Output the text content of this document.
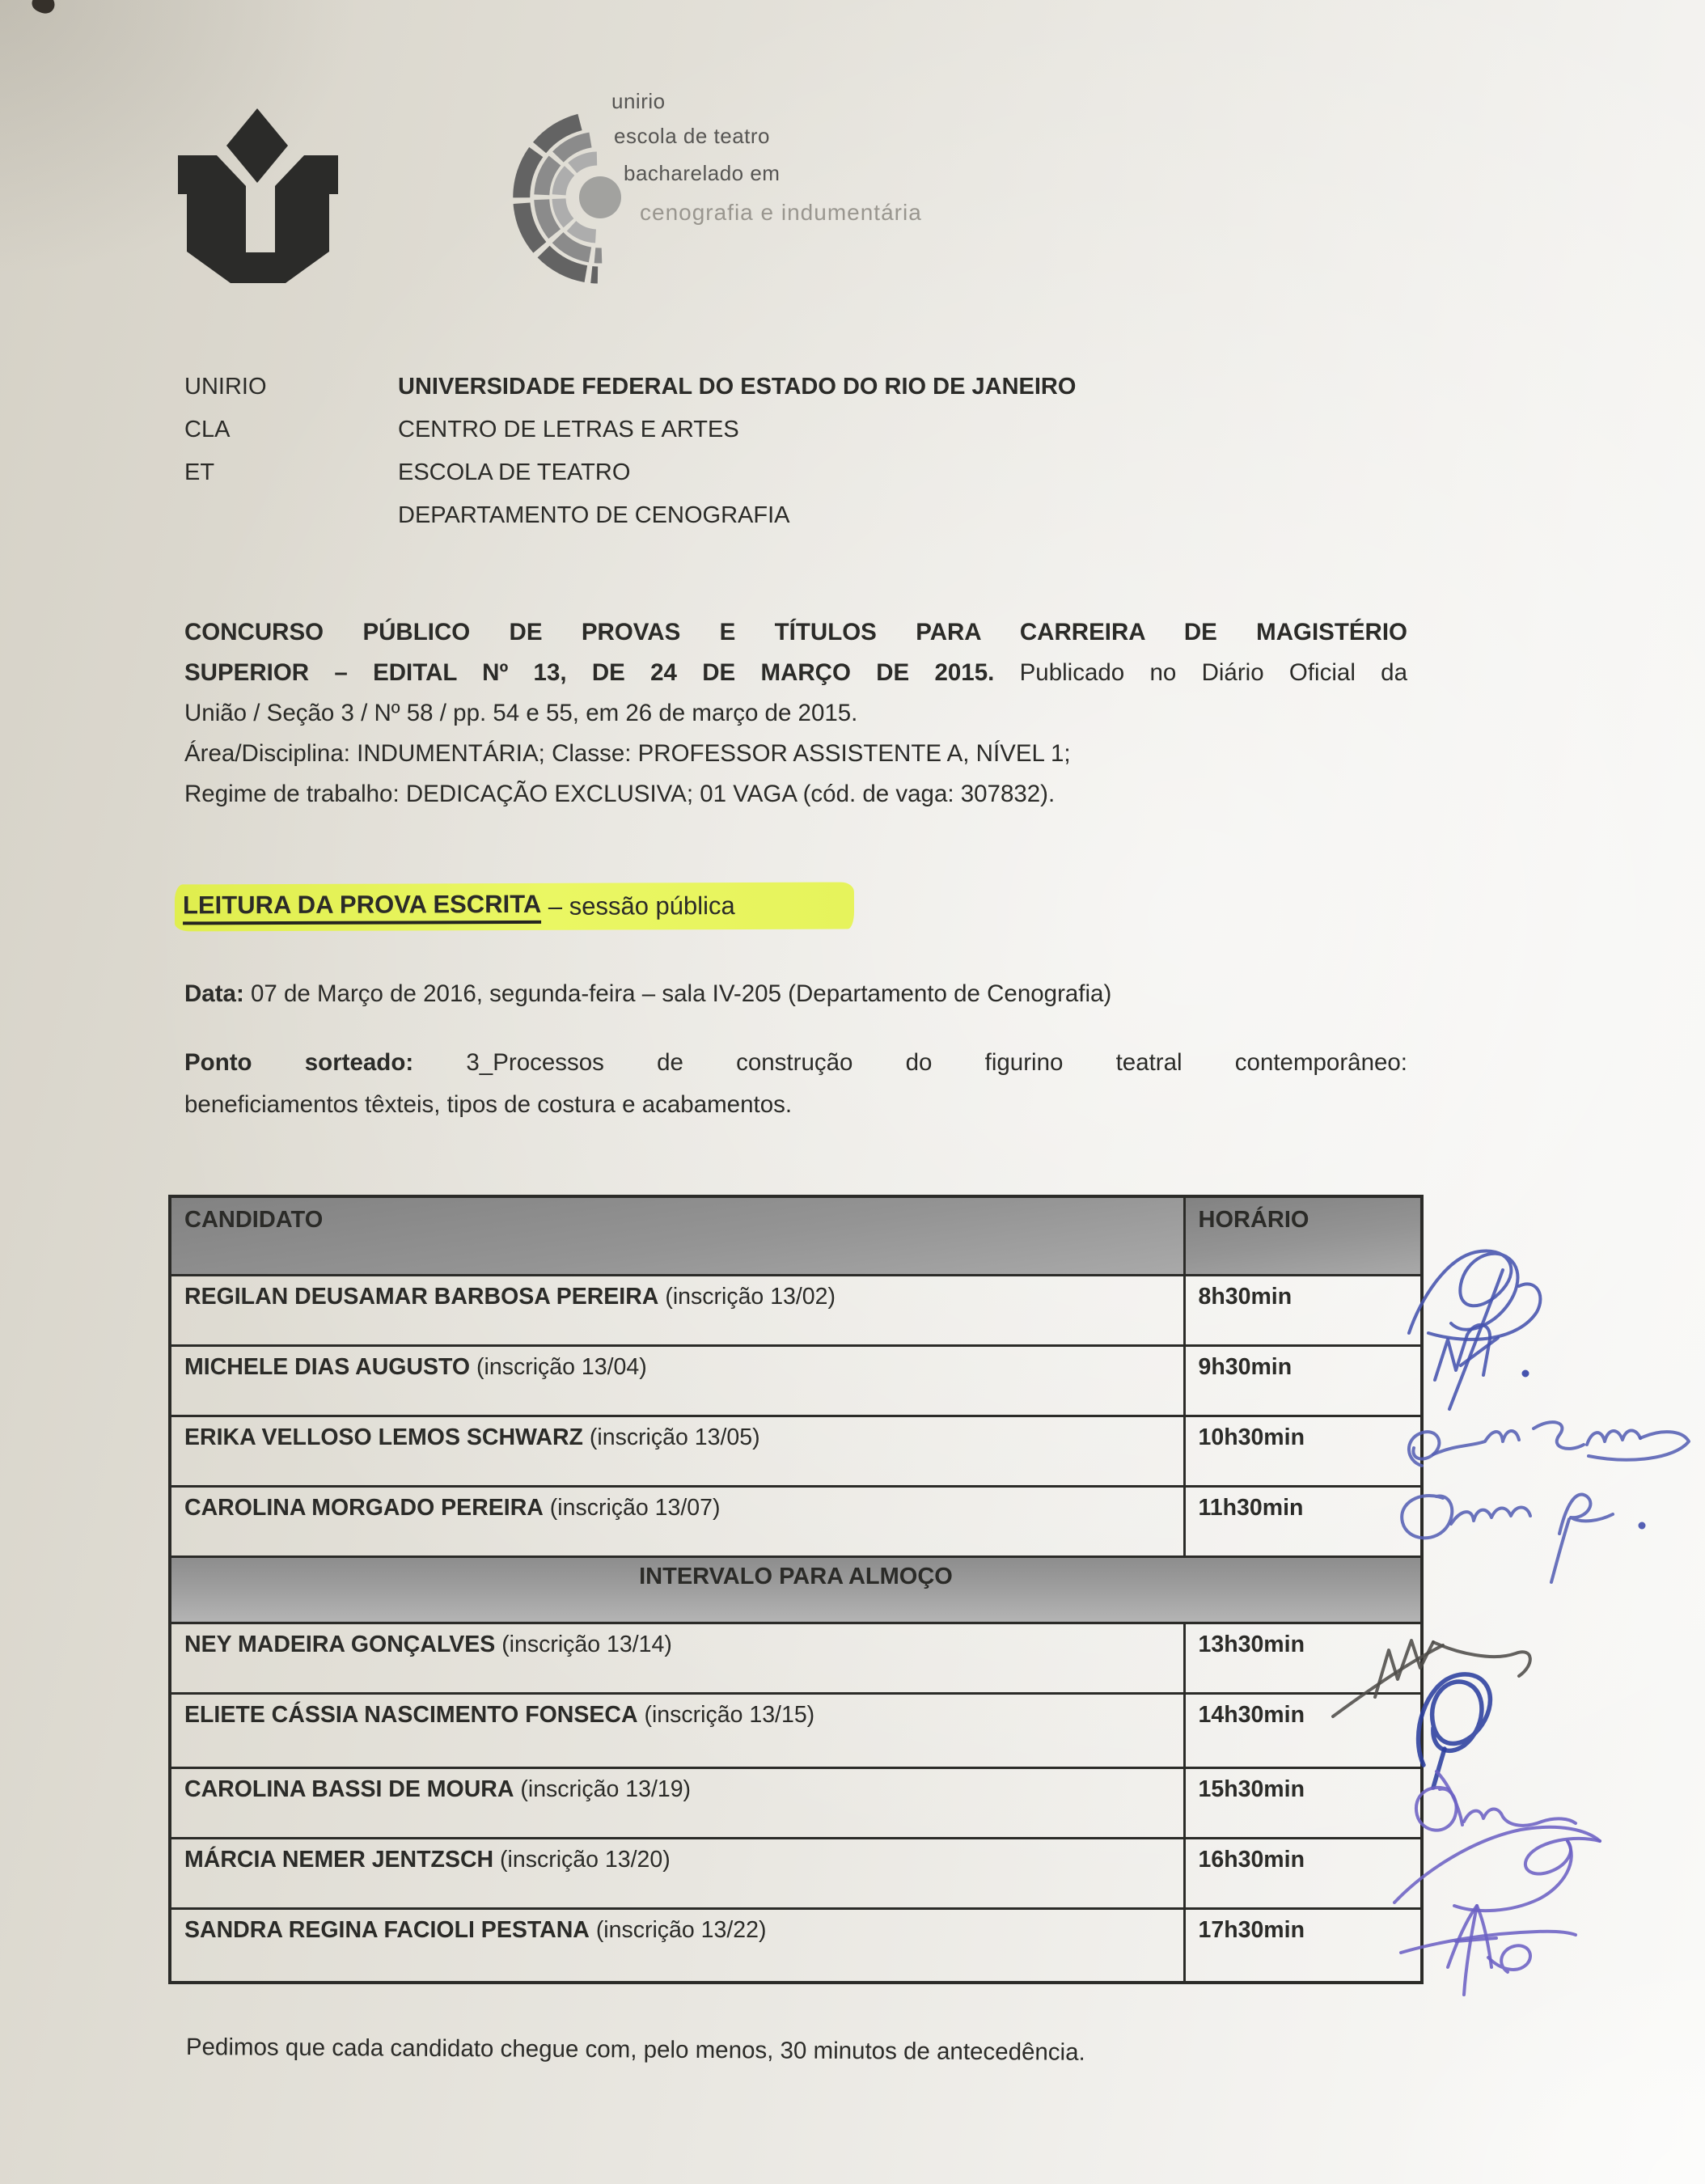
unirio
escola de teatro
bacharelado em
cenografia e indumentária
UNIRIO
CLA
ET
UNIVERSIDADE FEDERAL DO ESTADO DO RIO DE JANEIRO
CENTRO DE LETRAS E ARTES
ESCOLA DE TEATRO
DEPARTAMENTO DE CENOGRAFIA
CONCURSO PÚBLICO DE PROVAS E TÍTULOS PARA CARREIRA DE MAGISTÉRIO
SUPERIOR – EDITAL Nº 13, DE 24 DE MARÇO DE 2015. Publicado no Diário Oficial da
União / Seção 3 / Nº 58 / pp. 54 e 55, em 26 de março de 2015.
Área/Disciplina: INDUMENTÁRIA; Classe: PROFESSOR ASSISTENTE A, NÍVEL 1;
Regime de trabalho: DEDICAÇÃO EXCLUSIVA; 01 VAGA (cód. de vaga: 307832).
LEITURA DA PROVA ESCRITA
– sessão pública
Data: 07 de Março de 2016, segunda-feira – sala IV-205 (Departamento de Cenografia)
Ponto sorteado: 3_Processos de construção do figurino teatral contemporâneo:
beneficiamentos têxteis, tipos de costura e acabamentos.
CANDIDATO	HORÁRIO
REGILAN DEUSAMAR BARBOSA PEREIRA (inscrição 13/02)	8h30min
MICHELE DIAS AUGUSTO (inscrição 13/04)	9h30min
ERIKA VELLOSO LEMOS SCHWARZ (inscrição 13/05)	10h30min
CAROLINA MORGADO PEREIRA (inscrição 13/07)	11h30min
INTERVALO PARA ALMOÇO	
NEY MADEIRA GONÇALVES (inscrição 13/14)	13h30min
ELIETE CÁSSIA NASCIMENTO FONSECA (inscrição 13/15)	14h30min
CAROLINA BASSI DE MOURA (inscrição 13/19)	15h30min
MÁRCIA NEMER JENTZSCH (inscrição 13/20)	16h30min
SANDRA REGINA FACIOLI PESTANA (inscrição 13/22)	17h30min
Pedimos que cada candidato chegue com, pelo menos, 30 minutos de antecedência.
